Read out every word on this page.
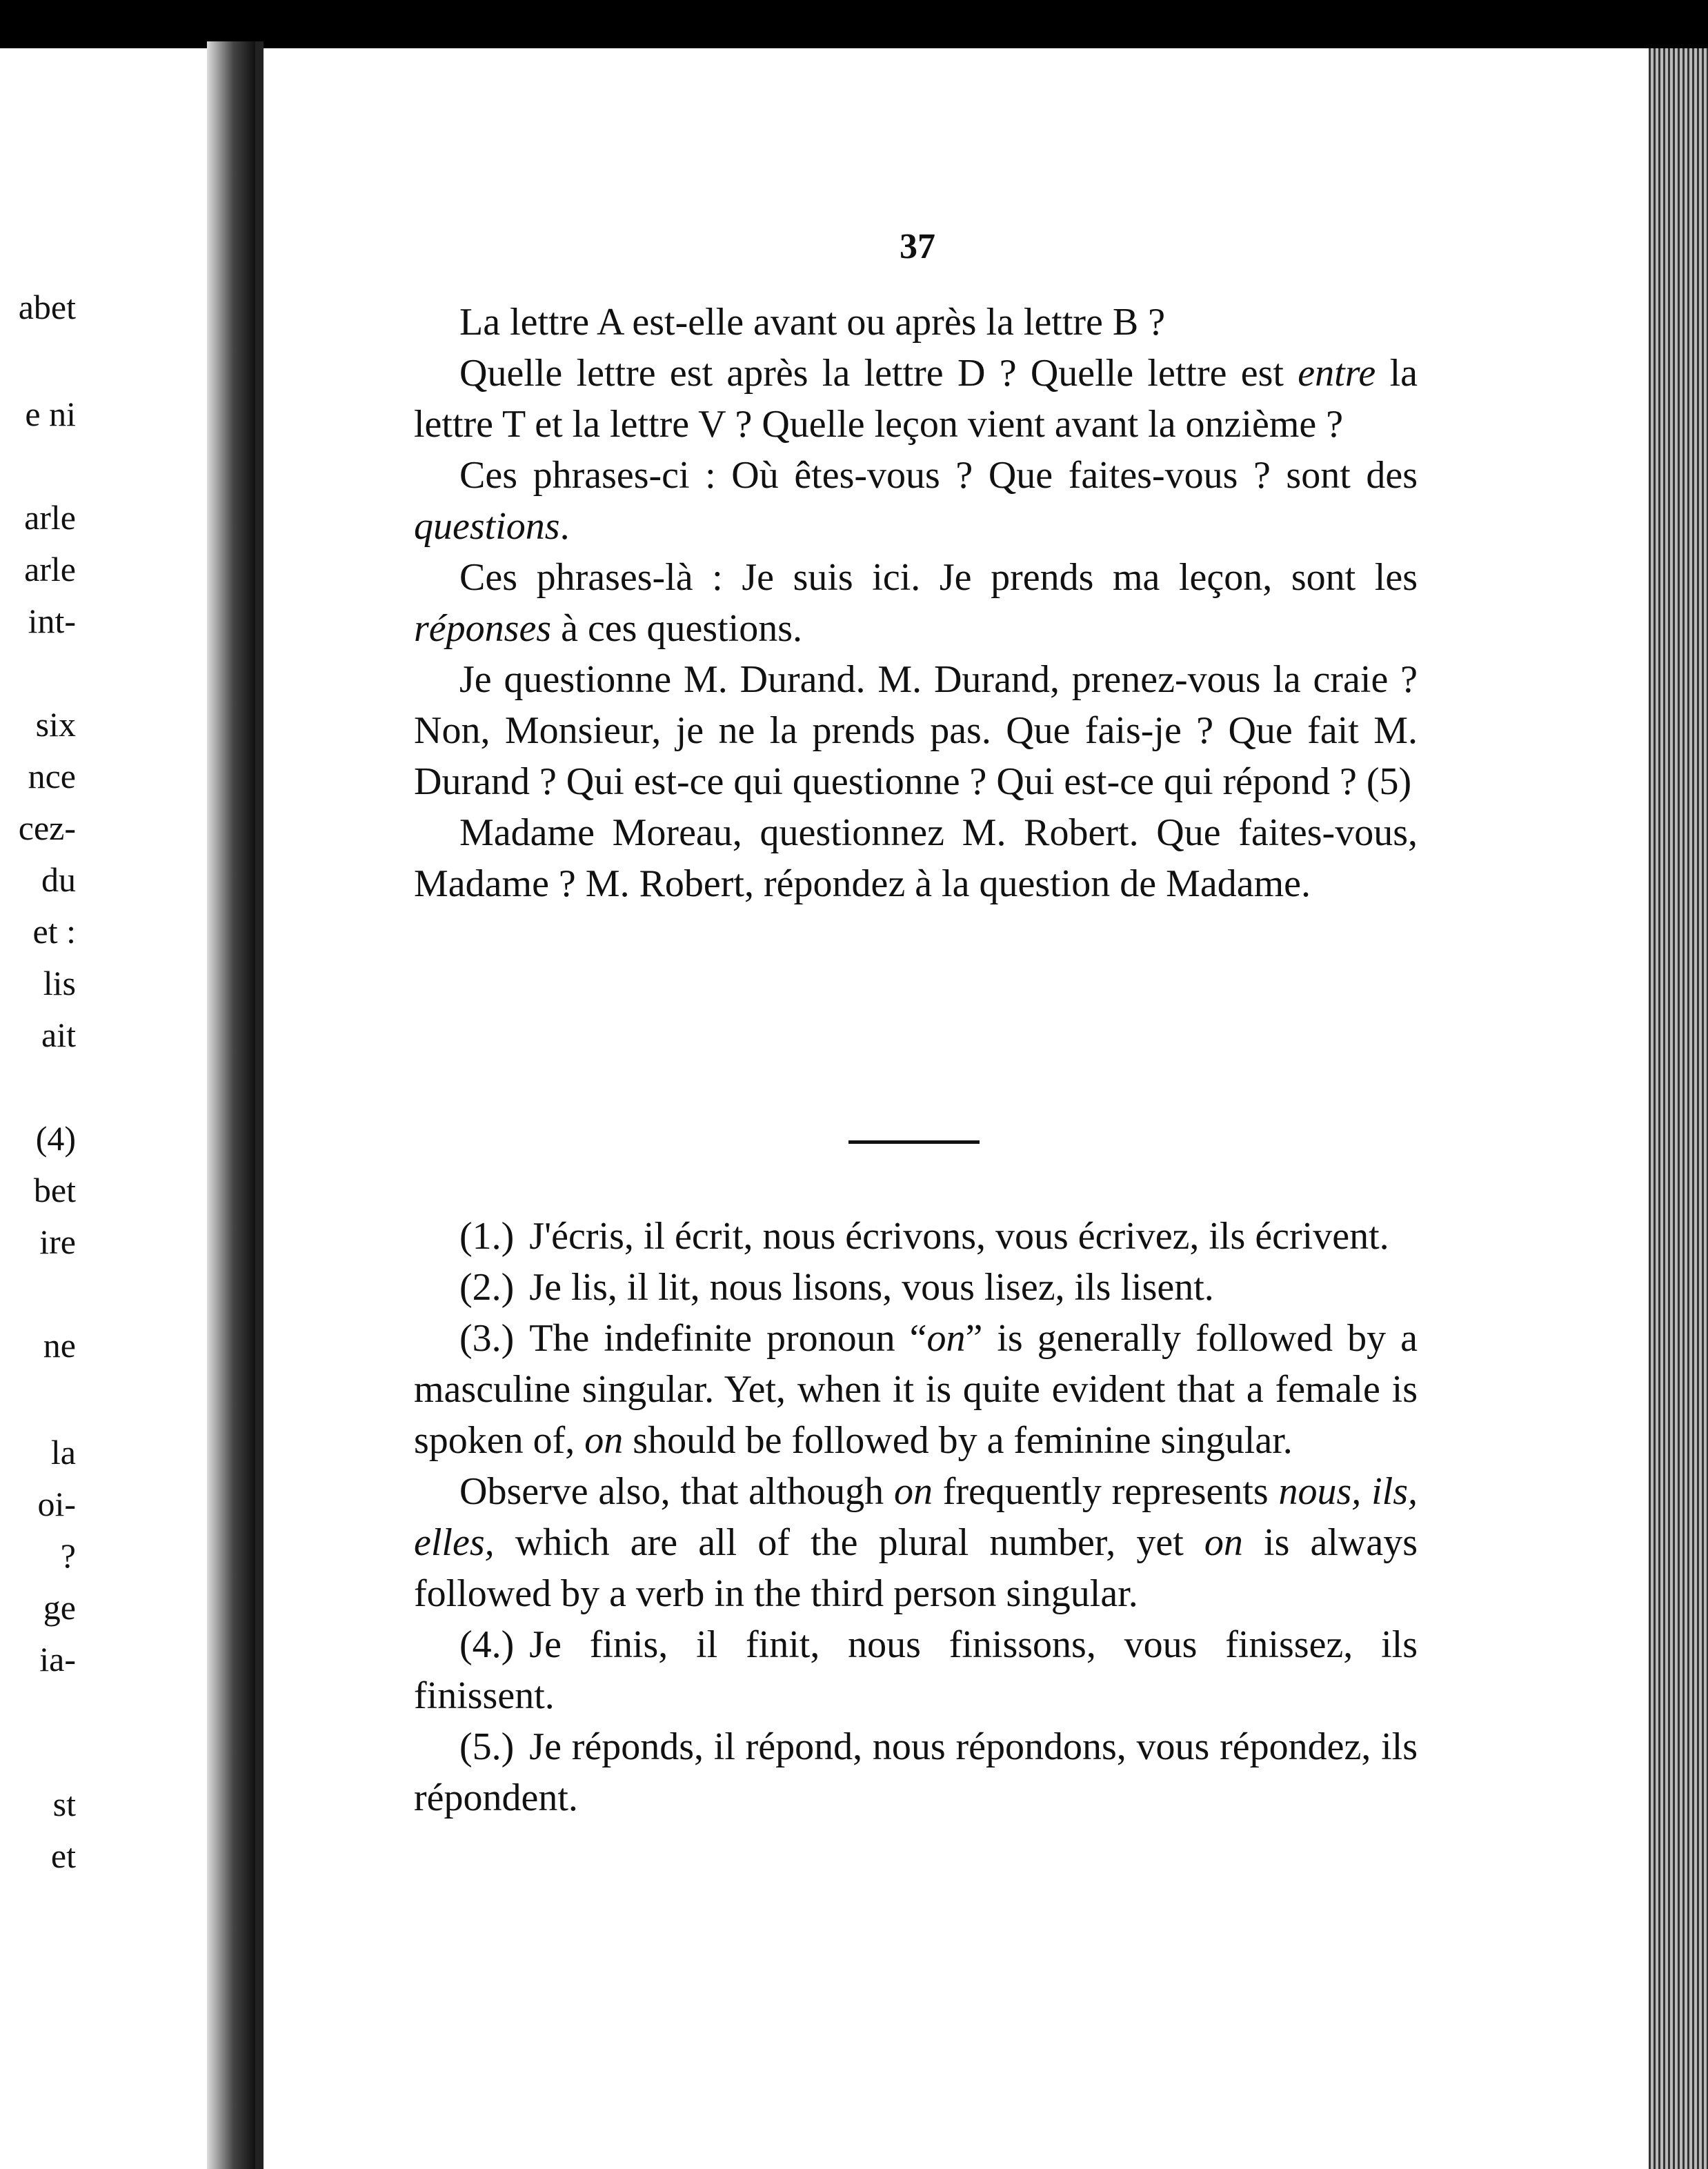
abet
e ni
arle
arle
int-
six
nce
cez-
du
et :
lis
ait
(4)
bet
ire
ne
la
oi-
?
ge
ia-
st
et
37

La lettre A est-elle avant ou après la lettre B ?

Quelle lettre est après la lettre D ? Quelle lettre est entre la lettre T et la lettre V ? Quelle leçon vient avant la onzième ?

Ces phrases-ci : Où êtes-vous ? Que faites-vous ? sont des questions.

Ces phrases-là : Je suis ici. Je prends ma leçon, sont les réponses à ces questions.

Je questionne M. Durand. M. Durand, prenez-vous la craie ? Non, Monsieur, je ne la prends pas. Que fais-je ? Que fait M. Durand ? Qui est-ce qui questionne ? Qui est-ce qui répond ? (5)

Madame Moreau, questionnez M. Robert. Que faites-vous, Madame ? M. Robert, répondez à la question de Madame.

(1.) J'écris, il écrit, nous écrivons, vous écrivez, ils écrivent.

(2.) Je lis, il lit, nous lisons, vous lisez, ils lisent.

(3.) The indefinite pronoun “on” is generally followed by a masculine singular. Yet, when it is quite evident that a female is spoken of, on should be followed by a feminine singular.

Observe also, that although on frequently represents nous, ils, elles, which are all of the plural number, yet on is always followed by a verb in the third person singular.

(4.) Je finis, il finit, nous finissons, vous finissez, ils finissent.

(5.) Je réponds, il répond, nous répondons, vous répondez, ils répondent.
